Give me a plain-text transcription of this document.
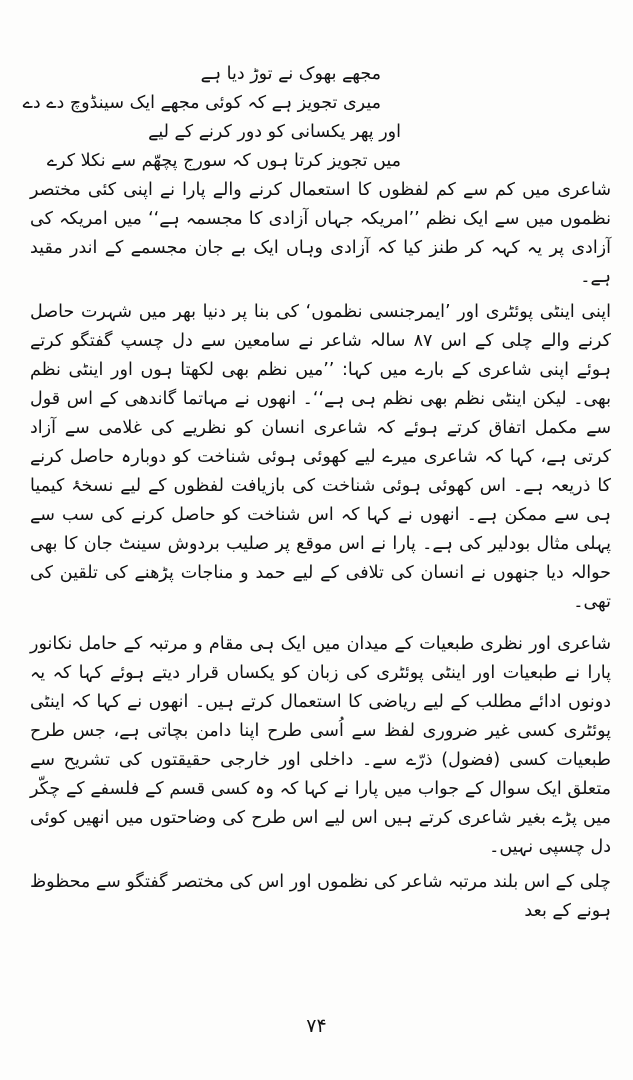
مجھے بھوک نے توڑ دیا ہے
میری تجویز ہے کہ کوئی مجھے ایک سینڈوچ دے دے
اور پھر یکسانی کو دور کرنے کے لیے
میں تجویز کرتا ہوں کہ سورج پچھّم سے نکلا کرے

شاعری میں کم سے کم لفظوں کا استعمال کرنے والے پارا نے اپنی کئی مختصر نظموں میں سے ایک نظم ’’امریکہ جہاں آزادی کا مجسمہ ہے‘‘ میں امریکہ کی آزادی پر یہ کہہ کر طنز کیا کہ آزادی وہاں ایک بے جان مجسمے کے اندر مقید ہے۔

اپنی اینٹی پوئٹری اور ’ایمرجنسی نظموں‘ کی بنا پر دنیا بھر میں شہرت حاصل کرنے والے چلی کے اس ۸۷ سالہ شاعر نے سامعین سے دل چسپ گفتگو کرتے ہوئے اپنی شاعری کے بارے میں کہا: ’’میں نظم بھی لکھتا ہوں اور اینٹی نظم بھی۔ لیکن اینٹی نظم بھی نظم ہی ہے‘‘۔ انھوں نے مہاتما گاندھی کے اس قول سے مکمل اتفاق کرتے ہوئے کہ شاعری انسان کو نظریے کی غلامی سے آزاد کرتی ہے، کہا کہ شاعری میرے لیے کھوئی ہوئی شناخت کو دوبارہ حاصل کرنے کا ذریعہ ہے۔ اس کھوئی ہوئی شناخت کی بازیافت لفظوں کے لیے نسخۂ کیمیا ہی سے ممکن ہے۔ انھوں نے کہا کہ اس شناخت کو حاصل کرنے کی سب سے پہلی مثال بودلیر کی ہے۔ پارا نے اس موقع پر صلیب بردوش سینٹ جان کا بھی حوالہ دیا جنھوں نے انسان کی تلافی کے لیے حمد و مناجات پڑھنے کی تلقین کی تھی۔

شاعری اور نظری طبعیات کے میدان میں ایک ہی مقام و مرتبہ کے حامل نکانور پارا نے طبعیات اور اینٹی پوئٹری کی زبان کو یکساں قرار دیتے ہوئے کہا کہ یہ دونوں ادائے مطلب کے لیے ریاضی کا استعمال کرتے ہیں۔ انھوں نے کہا کہ اینٹی پوئٹری کسی غیر ضروری لفظ سے اُسی طرح اپنا دامن بچاتی ہے، جس طرح طبعیات کسی (فضول) ذرّے سے۔ داخلی اور خارجی حقیقتوں کی تشریح سے متعلق ایک سوال کے جواب میں پارا نے کہا کہ وہ کسی قسم کے فلسفے کے چکّر میں پڑے بغیر شاعری کرتے ہیں اس لیے اس طرح کی وضاحتوں میں انھیں کوئی دل چسپی نہیں۔

چلی کے اس بلند مرتبہ شاعر کی نظموں اور اس کی مختصر گفتگو سے محظوظ ہونے کے بعد

۷۴
